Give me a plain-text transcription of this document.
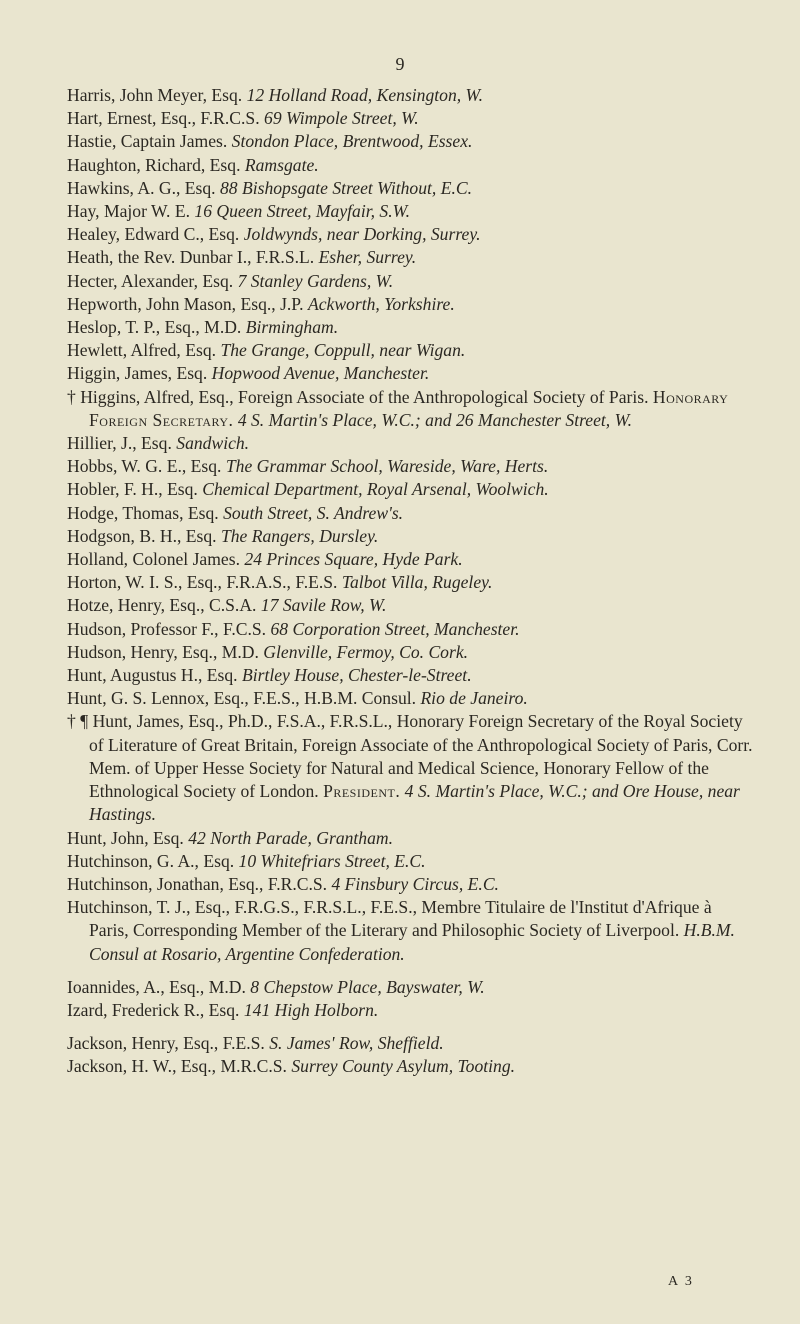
9
Harris, John Meyer, Esq. 12 Holland Road, Kensington, W.
Hart, Ernest, Esq., F.R.C.S. 69 Wimpole Street, W.
Hastie, Captain James. Stondon Place, Brentwood, Essex.
Haughton, Richard, Esq. Ramsgate.
Hawkins, A. G., Esq. 88 Bishopsgate Street Without, E.C.
Hay, Major W. E. 16 Queen Street, Mayfair, S.W.
Healey, Edward C., Esq. Joldwynds, near Dorking, Surrey.
Heath, the Rev. Dunbar I., F.R.S.L. Esher, Surrey.
Hecter, Alexander, Esq. 7 Stanley Gardens, W.
Hepworth, John Mason, Esq., J.P. Ackworth, Yorkshire.
Heslop, T. P., Esq., M.D. Birmingham.
Hewlett, Alfred, Esq. The Grange, Coppull, near Wigan.
Higgin, James, Esq. Hopwood Avenue, Manchester.
† Higgins, Alfred, Esq., Foreign Associate of the Anthropological Society of Paris. Honorary Foreign Secretary. 4 S. Martin's Place, W.C.; and 26 Manchester Street, W.
Hillier, J., Esq. Sandwich.
Hobbs, W. G. E., Esq. The Grammar School, Wareside, Ware, Herts.
Hobler, F. H., Esq. Chemical Department, Royal Arsenal, Woolwich.
Hodge, Thomas, Esq. South Street, S. Andrew's.
Hodgson, B. H., Esq. The Rangers, Dursley.
Holland, Colonel James. 24 Princes Square, Hyde Park.
Horton, W. I. S., Esq., F.R.A.S., F.E.S. Talbot Villa, Rugeley.
Hotze, Henry, Esq., C.S.A. 17 Savile Row, W.
Hudson, Professor F., F.C.S. 68 Corporation Street, Manchester.
Hudson, Henry, Esq., M.D. Glenville, Fermoy, Co. Cork.
Hunt, Augustus H., Esq. Birtley House, Chester-le-Street.
Hunt, G. S. Lennox, Esq., F.E.S., H.B.M. Consul. Rio de Janeiro.
† ¶ Hunt, James, Esq., Ph.D., F.S.A., F.R.S.L., Honorary Foreign Secretary of the Royal Society of Literature of Great Britain, Foreign Associate of the Anthropological Society of Paris, Corr. Mem. of Upper Hesse Society for Natural and Medical Science, Honorary Fellow of the Ethnological Society of London. President. 4 S. Martin's Place, W.C.; and Ore House, near Hastings.
Hunt, John, Esq. 42 North Parade, Grantham.
Hutchinson, G. A., Esq. 10 Whitefriars Street, E.C.
Hutchinson, Jonathan, Esq., F.R.C.S. 4 Finsbury Circus, E.C.
Hutchinson, T. J., Esq., F.R.G.S., F.R.S.L., F.E.S., Membre Titulaire de l'Institut d'Afrique à Paris, Corresponding Member of the Literary and Philosophic Society of Liverpool. H.B.M. Consul at Rosario, Argentine Confederation.
Ioannides, A., Esq., M.D. 8 Chepstow Place, Bayswater, W.
Izard, Frederick R., Esq. 141 High Holborn.
Jackson, Henry, Esq., F.E.S. S. James' Row, Sheffield.
Jackson, H. W., Esq., M.R.C.S. Surrey County Asylum, Tooting.
A 3
